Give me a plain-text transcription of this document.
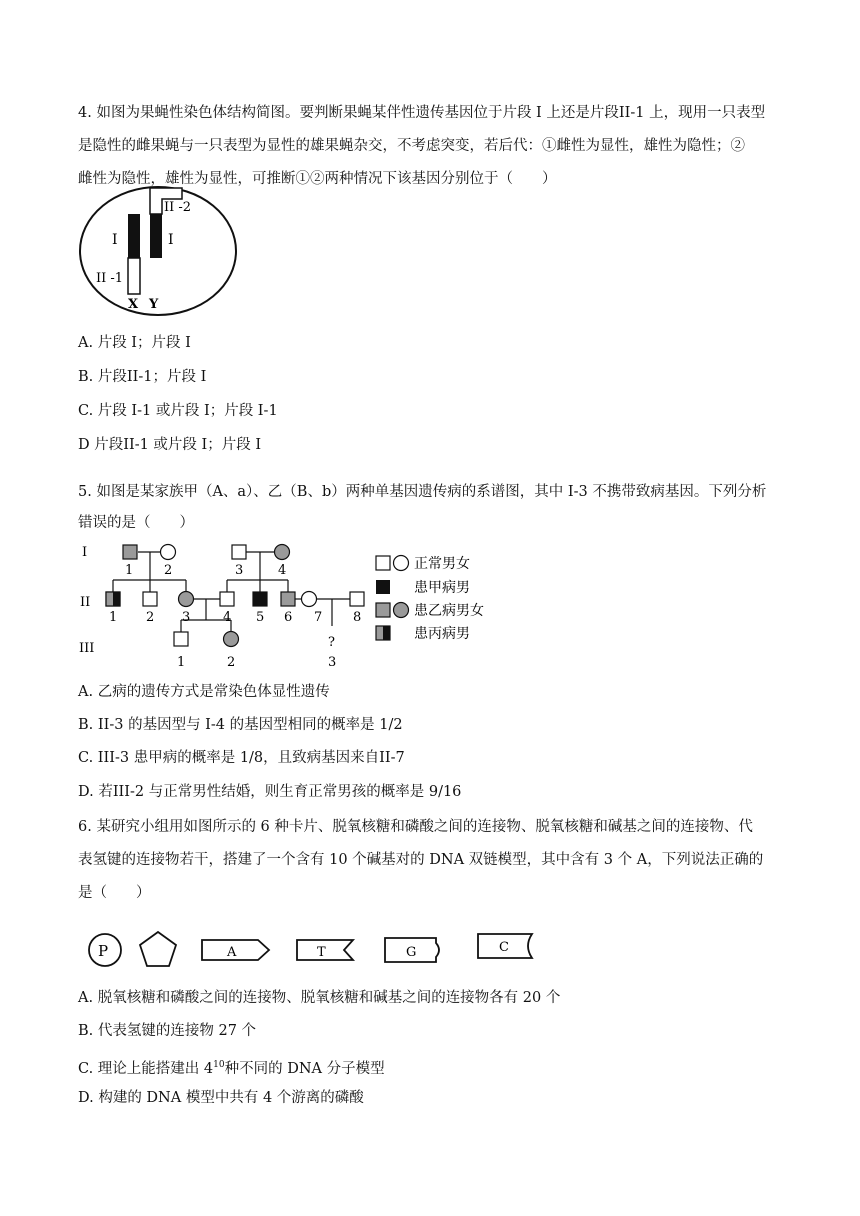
4. 如图为果蝇性染色体结构简图。要判断果蝇某伴性遗传基因位于片段 I 上还是片段II-1 上，现用一只表型
是隐性的雌果蝇与一只表型为显性的雄果蝇杂交，不考虑突变，若后代：①雌性为显性，雄性为隐性；②
雌性为隐性，雄性为显性，可推断①②两种情况下该基因分别位于（　　）
II -2
I	I
II -1
X Y
A. 片段 I；片段 I
B. 片段II-1；片段 I
C. 片段 I-1 或片段 I；片段 I-1
D 片段II-1 或片段 I；片段 I
5. 如图是某家族甲（A、a）、乙（B、b）两种单基因遗传病的系谱图，其中 I-3 不携带致病基因。下列分析
错误的是（　　）
I
II
III
1 2	3	4
1 2 3	4 5 6 7 8
1	2
?
3
正常男女
患甲病男
患乙病男女
患丙病男
A. 乙病的遗传方式是常染色体显性遗传
B. II-3 的基因型与 I-4 的基因型相同的概率是 1/2
C. III-3 患甲病的概率是 1/8，且致病基因来自II-7
D. 若III-2 与正常男性结婚，则生育正常男孩的概率是 9/16
6. 某研究小组用如图所示的 6 种卡片、脱氧核糖和磷酸之间的连接物、脱氧核糖和碱基之间的连接物、代
表氢键的连接物若干，搭建了一个含有 10 个碱基对的 DNA 双链模型，其中含有 3 个 A，下列说法正确的
是（　　）
P	A	T	G	C
A. 脱氧核糖和磷酸之间的连接物、脱氧核糖和碱基之间的连接物各有 20 个
B. 代表氢键的连接物 27 个
C. 理论上能搭建出 $4^{10}$种不同的 DNA 分子模型
D. 构建的 DNA 模型中共有 4 个游离的磷酸
